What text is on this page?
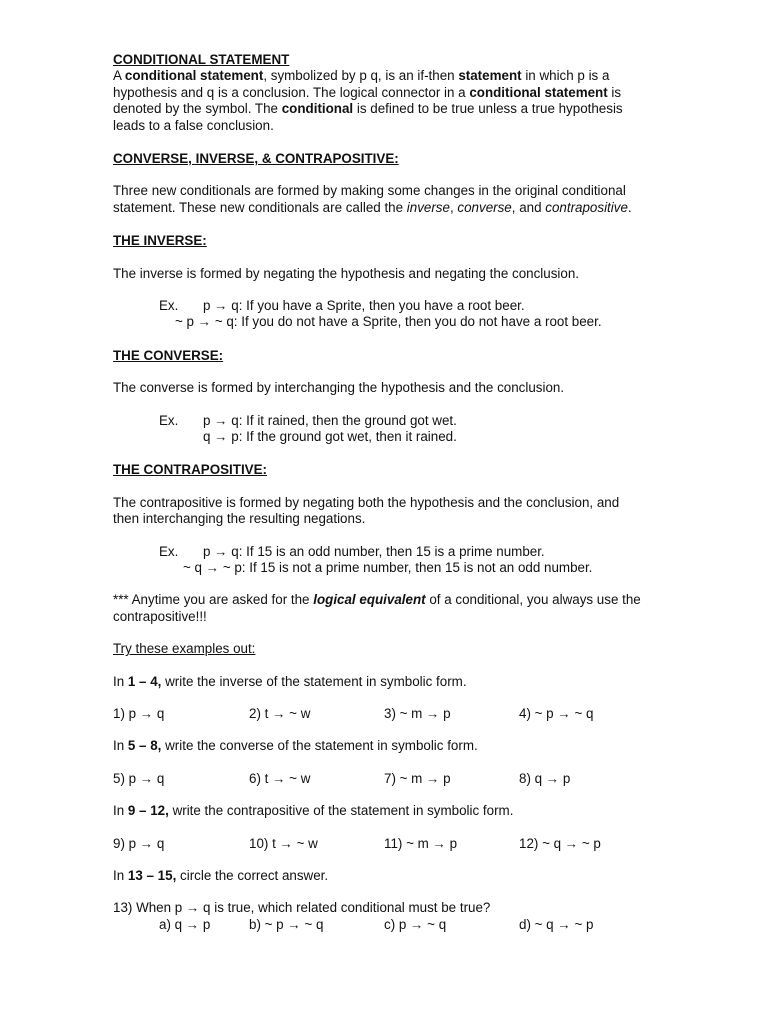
CONDITIONAL STATEMENT

A conditional statement, symbolized by p q, is an if-then statement in which p is a hypothesis and q is a conclusion. The logical connector in a conditional statement is denoted by the symbol. The conditional is defined to be true unless a true hypothesis leads to a false conclusion.

CONVERSE, INVERSE, & CONTRAPOSITIVE:

Three new conditionals are formed by making some changes in the original conditional statement. These new conditionals are called the inverse, converse, and contrapositive.

THE INVERSE:

The inverse is formed by negating the hypothesis and negating the conclusion.

Ex. p → q: If you have a Sprite, then you have a root beer.
~ p → ~ q: If you do not have a Sprite, then you do not have a root beer.

THE CONVERSE:

The converse is formed by interchanging the hypothesis and the conclusion.

Ex. p → q: If it rained, then the ground got wet.
q → p: If the ground got wet, then it rained.

THE CONTRAPOSITIVE:

The contrapositive is formed by negating both the hypothesis and the conclusion, and then interchanging the resulting negations.

Ex. p → q: If 15 is an odd number, then 15 is a prime number.
~ q → ~ p: If 15 is not a prime number, then 15 is not an odd number.

*** Anytime you are asked for the logical equivalent of a conditional, you always use the contrapositive!!!

Try these examples out:

In 1 – 4, write the inverse of the statement in symbolic form.

1) p → q	2) t → ~ w	3) ~ m → p	4) ~ p → ~ q

In 5 – 8, write the converse of the statement in symbolic form.

5) p → q	6) t → ~ w	7) ~ m → p	8) q → p

In 9 – 12, write the contrapositive of the statement in symbolic form.

9) p → q	10) t → ~ w	11) ~ m → p	12) ~ q → ~ p

In 13 – 15, circle the correct answer.

13) When p → q is true, which related conditional must be true?

a) q → p	b) ~ p → ~ q	c) p → ~ q	d) ~ q → ~ p
